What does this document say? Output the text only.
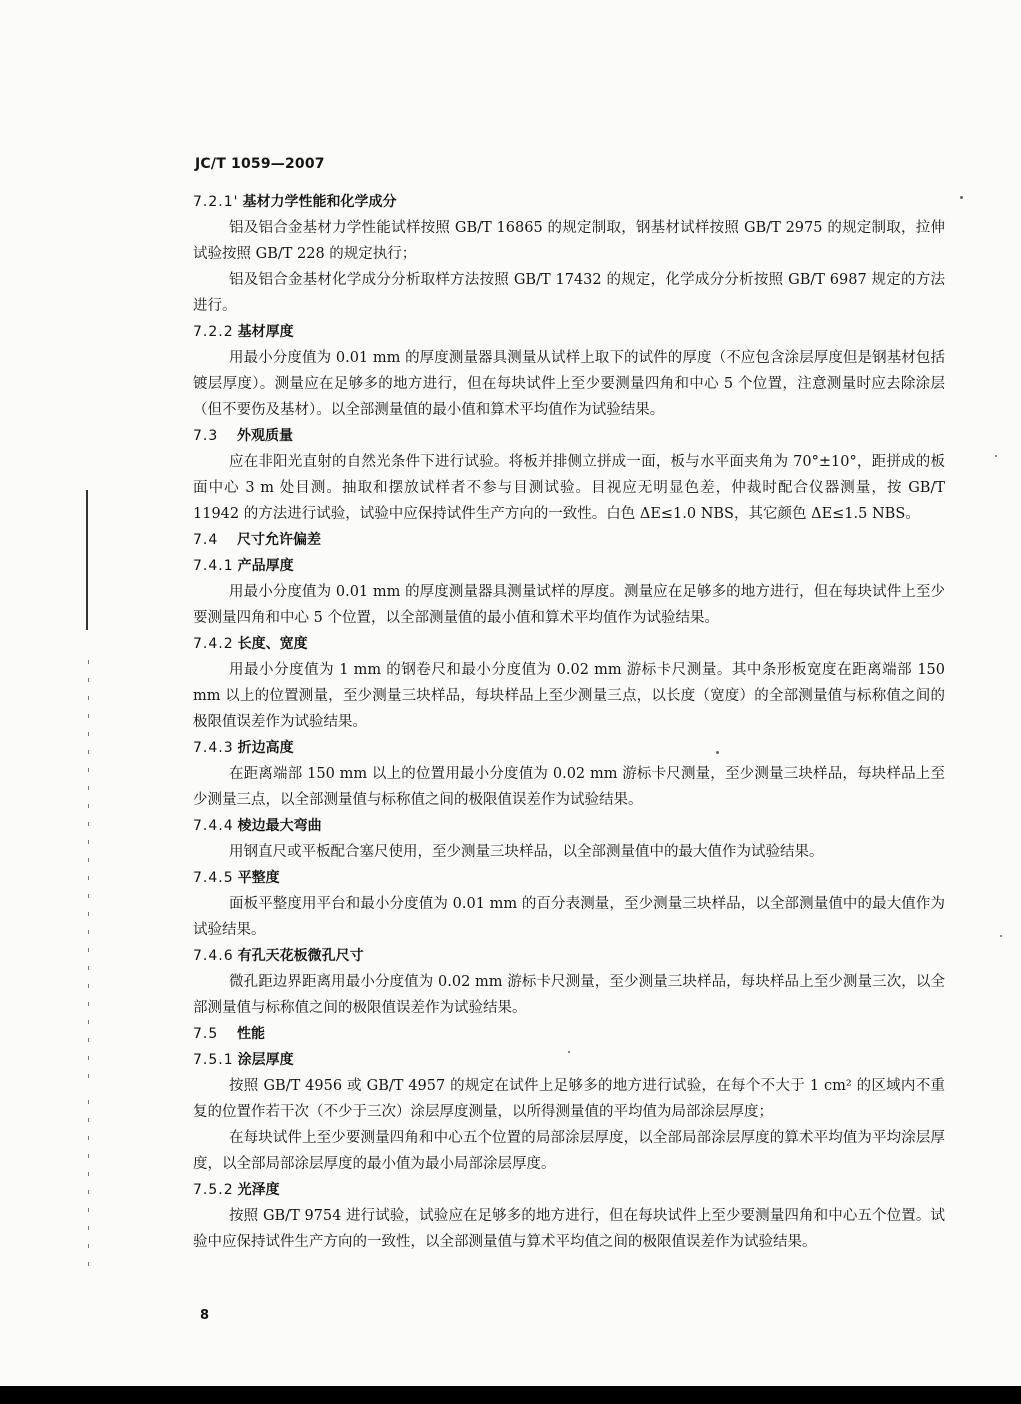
JC/T 1059—2007
7.2.1' 基材力学性能和化学成分

铝及铝合金基材力学性能试样按照 GB/T 16865 的规定制取，钢基材试样按照 GB/T 2975 的规定制取，拉伸试验按照 GB/T 228 的规定执行；

铝及铝合金基材化学成分分析取样方法按照 GB/T 17432 的规定，化学成分分析按照 GB/T 6987 规定的方法进行。

7.2.2 基材厚度

用最小分度值为 0.01 mm 的厚度测量器具测量从试样上取下的试件的厚度（不应包含涂层厚度但是钢基材包括镀层厚度）。测量应在足够多的地方进行，但在每块试件上至少要测量四角和中心 5 个位置，注意测量时应去除涂层（但不要伤及基材）。以全部测量值的最小值和算术平均值作为试验结果。

7.3 外观质量

应在非阳光直射的自然光条件下进行试验。将板并排侧立拼成一面，板与水平面夹角为 70°±10°，距拼成的板面中心 3 m 处目测。抽取和摆放试样者不参与目测试验。目视应无明显色差，仲裁时配合仪器测量，按 GB/T 11942 的方法进行试验，试验中应保持试件生产方向的一致性。白色 ΔE≤1.0 NBS，其它颜色 ΔE≤1.5 NBS。

7.4 尺寸允许偏差
7.4.1 产品厚度

用最小分度值为 0.01 mm 的厚度测量器具测量试样的厚度。测量应在足够多的地方进行，但在每块试件上至少要测量四角和中心 5 个位置，以全部测量值的最小值和算术平均值作为试验结果。

7.4.2 长度、宽度

用最小分度值为 1 mm 的钢卷尺和最小分度值为 0.02 mm 游标卡尺测量。其中条形板宽度在距离端部 150 mm 以上的位置测量，至少测量三块样品，每块样品上至少测量三点，以长度（宽度）的全部测量值与标称值之间的极限值误差作为试验结果。

7.4.3 折边高度

在距离端部 150 mm 以上的位置用最小分度值为 0.02 mm 游标卡尺测量，至少测量三块样品，每块样品上至少测量三点，以全部测量值与标称值之间的极限值误差作为试验结果。

7.4.4 棱边最大弯曲

用钢直尺或平板配合塞尺使用，至少测量三块样品，以全部测量值中的最大值作为试验结果。

7.4.5 平整度

面板平整度用平台和最小分度值为 0.01 mm 的百分表测量，至少测量三块样品，以全部测量值中的最大值作为试验结果。

7.4.6 有孔天花板微孔尺寸

微孔距边界距离用最小分度值为 0.02 mm 游标卡尺测量，至少测量三块样品，每块样品上至少测量三次，以全部测量值与标称值之间的极限值误差作为试验结果。

7.5 性能
7.5.1 涂层厚度

按照 GB/T 4956 或 GB/T 4957 的规定在试件上足够多的地方进行试验，在每个不大于 1 cm² 的区域内不重复的位置作若干次（不少于三次）涂层厚度测量，以所得测量值的平均值为局部涂层厚度；

在每块试件上至少要测量四角和中心五个位置的局部涂层厚度，以全部局部涂层厚度的算术平均值为平均涂层厚度，以全部局部涂层厚度的最小值为最小局部涂层厚度。

7.5.2 光泽度

按照 GB/T 9754 进行试验，试验应在足够多的地方进行，但在每块试件上至少要测量四角和中心五个位置。试验中应保持试件生产方向的一致性，以全部测量值与算术平均值之间的极限值误差作为试验结果。

8
